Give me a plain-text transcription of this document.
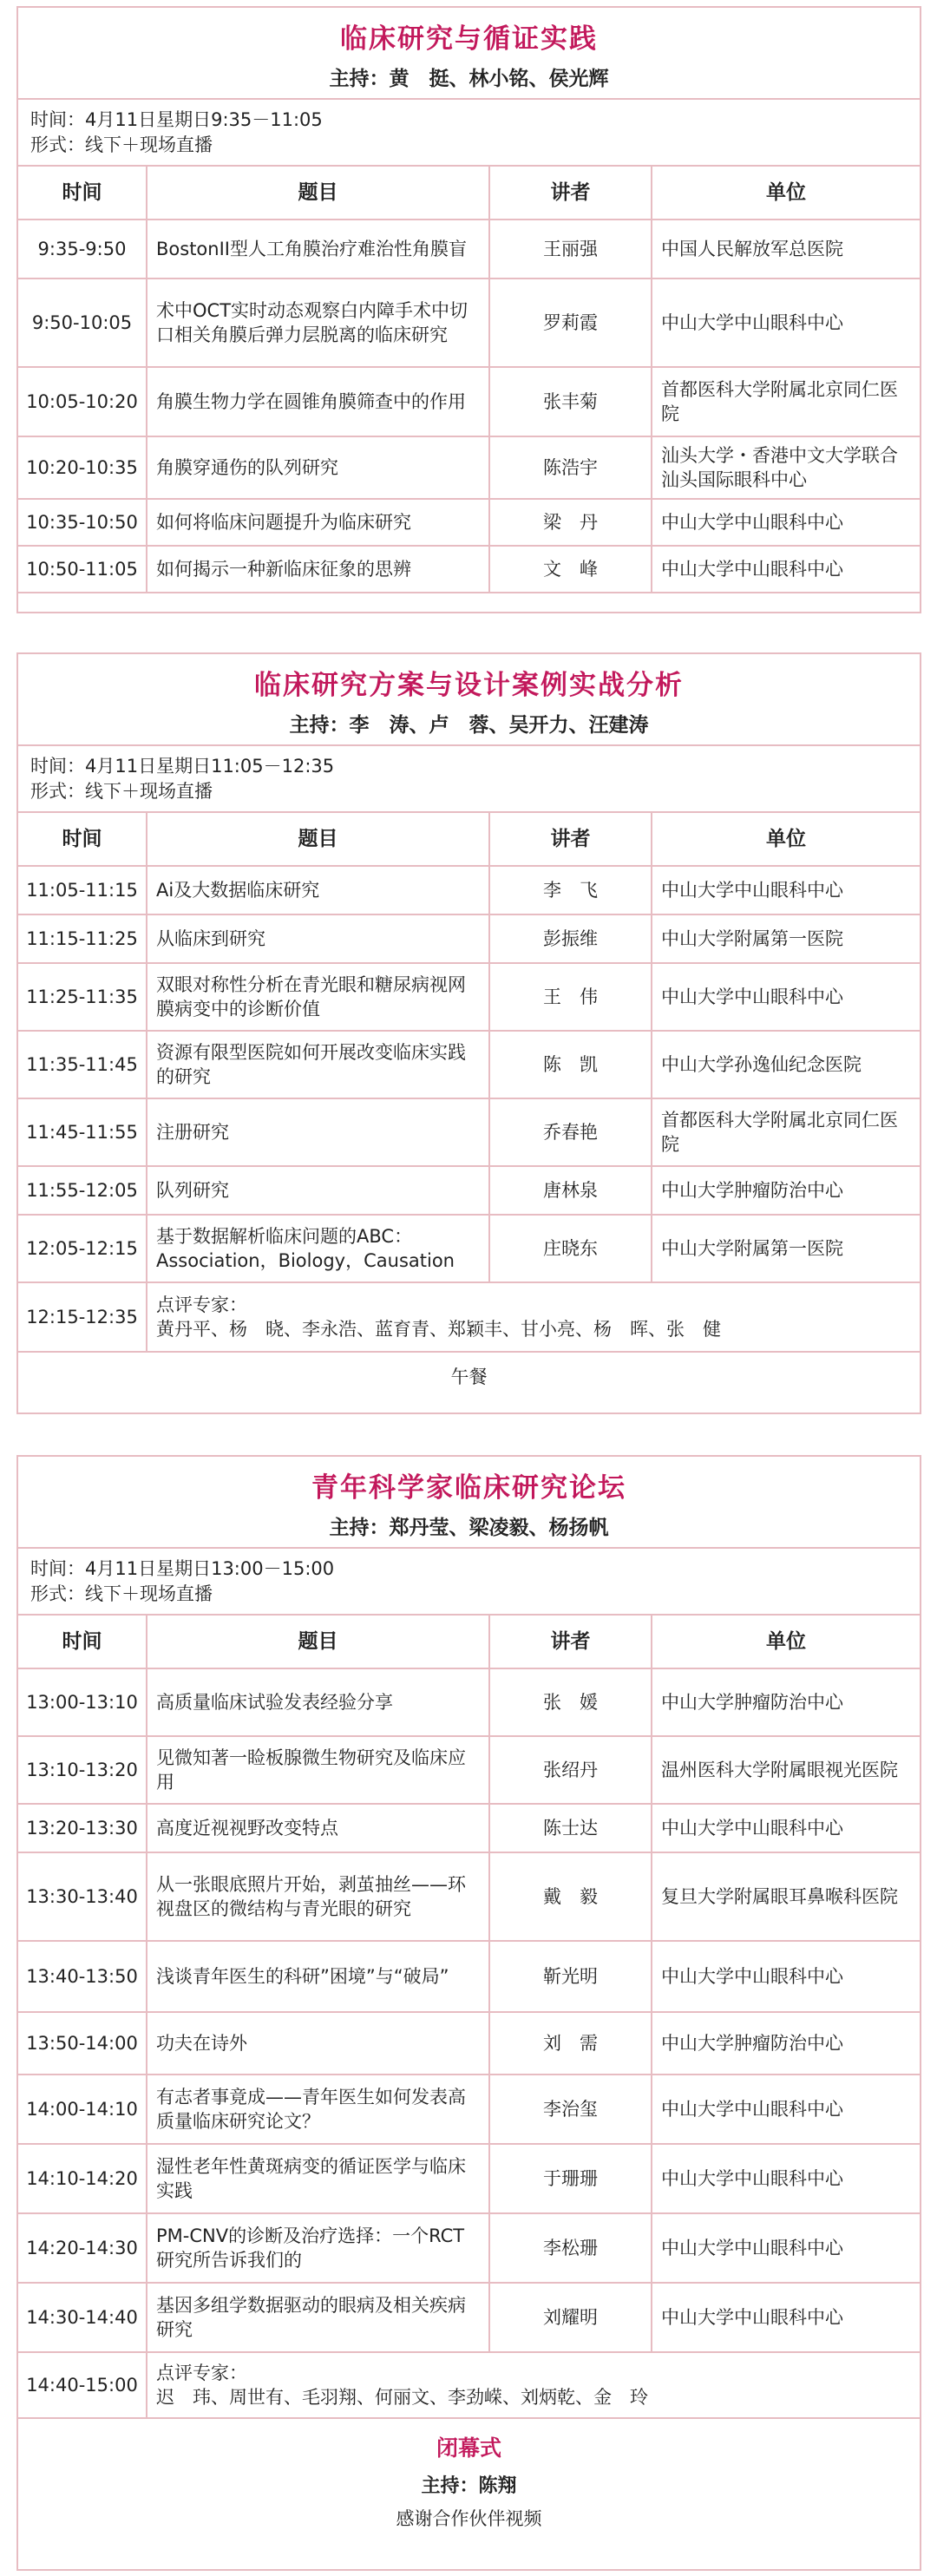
临床研究与循证实践
主持：黄　挺、林小铭、侯光辉
时间：4月11日星期日9:35－11:05
形式：线下＋现场直播
时间	题目	讲者	单位
9:35-9:50	BostonII型人工角膜治疗难治性角膜盲	王丽强	中国人民解放军总医院
9:50-10:05	术中OCT实时动态观察白内障手术中切口相关角膜后弹力层脱离的临床研究	罗莉霞	中山大学中山眼科中心
10:05-10:20	角膜生物力学在圆锥角膜筛查中的作用	张丰菊	首都医科大学附属北京同仁医院
10:20-10:35	角膜穿通伤的队列研究	陈浩宇	汕头大学・香港中文大学联合汕头国际眼科中心
10:35-10:50	如何将临床问题提升为临床研究	梁　丹	中山大学中山眼科中心
10:50-11:05	如何揭示一种新临床征象的思辨	文　峰	中山大学中山眼科中心
临床研究方案与设计案例实战分析
主持：李　涛、卢　蓉、吴开力、汪建涛
时间：4月11日星期日11:05－12:35
形式：线下＋现场直播
时间	题目	讲者	单位
11:05-11:15	Ai及大数据临床研究	李　飞	中山大学中山眼科中心
11:15-11:25	从临床到研究	彭振维	中山大学附属第一医院
11:25-11:35	双眼对称性分析在青光眼和糖尿病视网膜病变中的诊断价值	王　伟	中山大学中山眼科中心
11:35-11:45	资源有限型医院如何开展改变临床实践的研究	陈　凯	中山大学孙逸仙纪念医院
11:45-11:55	注册研究	乔春艳	首都医科大学附属北京同仁医院
11:55-12:05	队列研究	唐林泉	中山大学肿瘤防治中心
12:05-12:15	基于数据解析临床问题的ABC：Association，Biology，Causation	庄晓东	中山大学附属第一医院
12:15-12:35	点评专家：
黄丹平、杨　晓、李永浩、蓝育青、郑颖丰、甘小亮、杨　晖、张　健		

午餐			
青年科学家临床研究论坛
主持：郑丹莹、梁凌毅、杨扬帆
时间：4月11日星期日13:00－15:00
形式：线下＋现场直播
时间	题目	讲者	单位
13:00-13:10	高质量临床试验发表经验分享	张　媛	中山大学肿瘤防治中心
13:10-13:20	见微知著一睑板腺微生物研究及临床应用	张绍丹	温州医科大学附属眼视光医院
13:20-13:30	高度近视视野改变特点	陈士达	中山大学中山眼科中心
13:30-13:40	从一张眼底照片开始，剥茧抽丝——环视盘区的微结构与青光眼的研究	戴　毅	复旦大学附属眼耳鼻喉科医院
13:40-13:50	浅谈青年医生的科研”困境”与“破局”	靳光明	中山大学中山眼科中心
13:50-14:00	功夫在诗外	刘　需	中山大学肿瘤防治中心
14:00-14:10	有志者事竟成——青年医生如何发表高质量临床研究论文？	李治玺	中山大学中山眼科中心
14:10-14:20	湿性老年性黄斑病变的循证医学与临床实践	于珊珊	中山大学中山眼科中心
14:20-14:30	PM-CNV的诊断及治疗选择：一个RCT研究所告诉我们的	李松珊	中山大学中山眼科中心
14:30-14:40	基因多组学数据驱动的眼病及相关疾病研究	刘耀明	中山大学中山眼科中心
14:40-15:00	点评专家：
迟　玮、周世有、毛羽翔、何丽文、李劲嵘、刘炳乾、金　玲		
闭幕式
主持：陈翔
感谢合作伙伴视频
